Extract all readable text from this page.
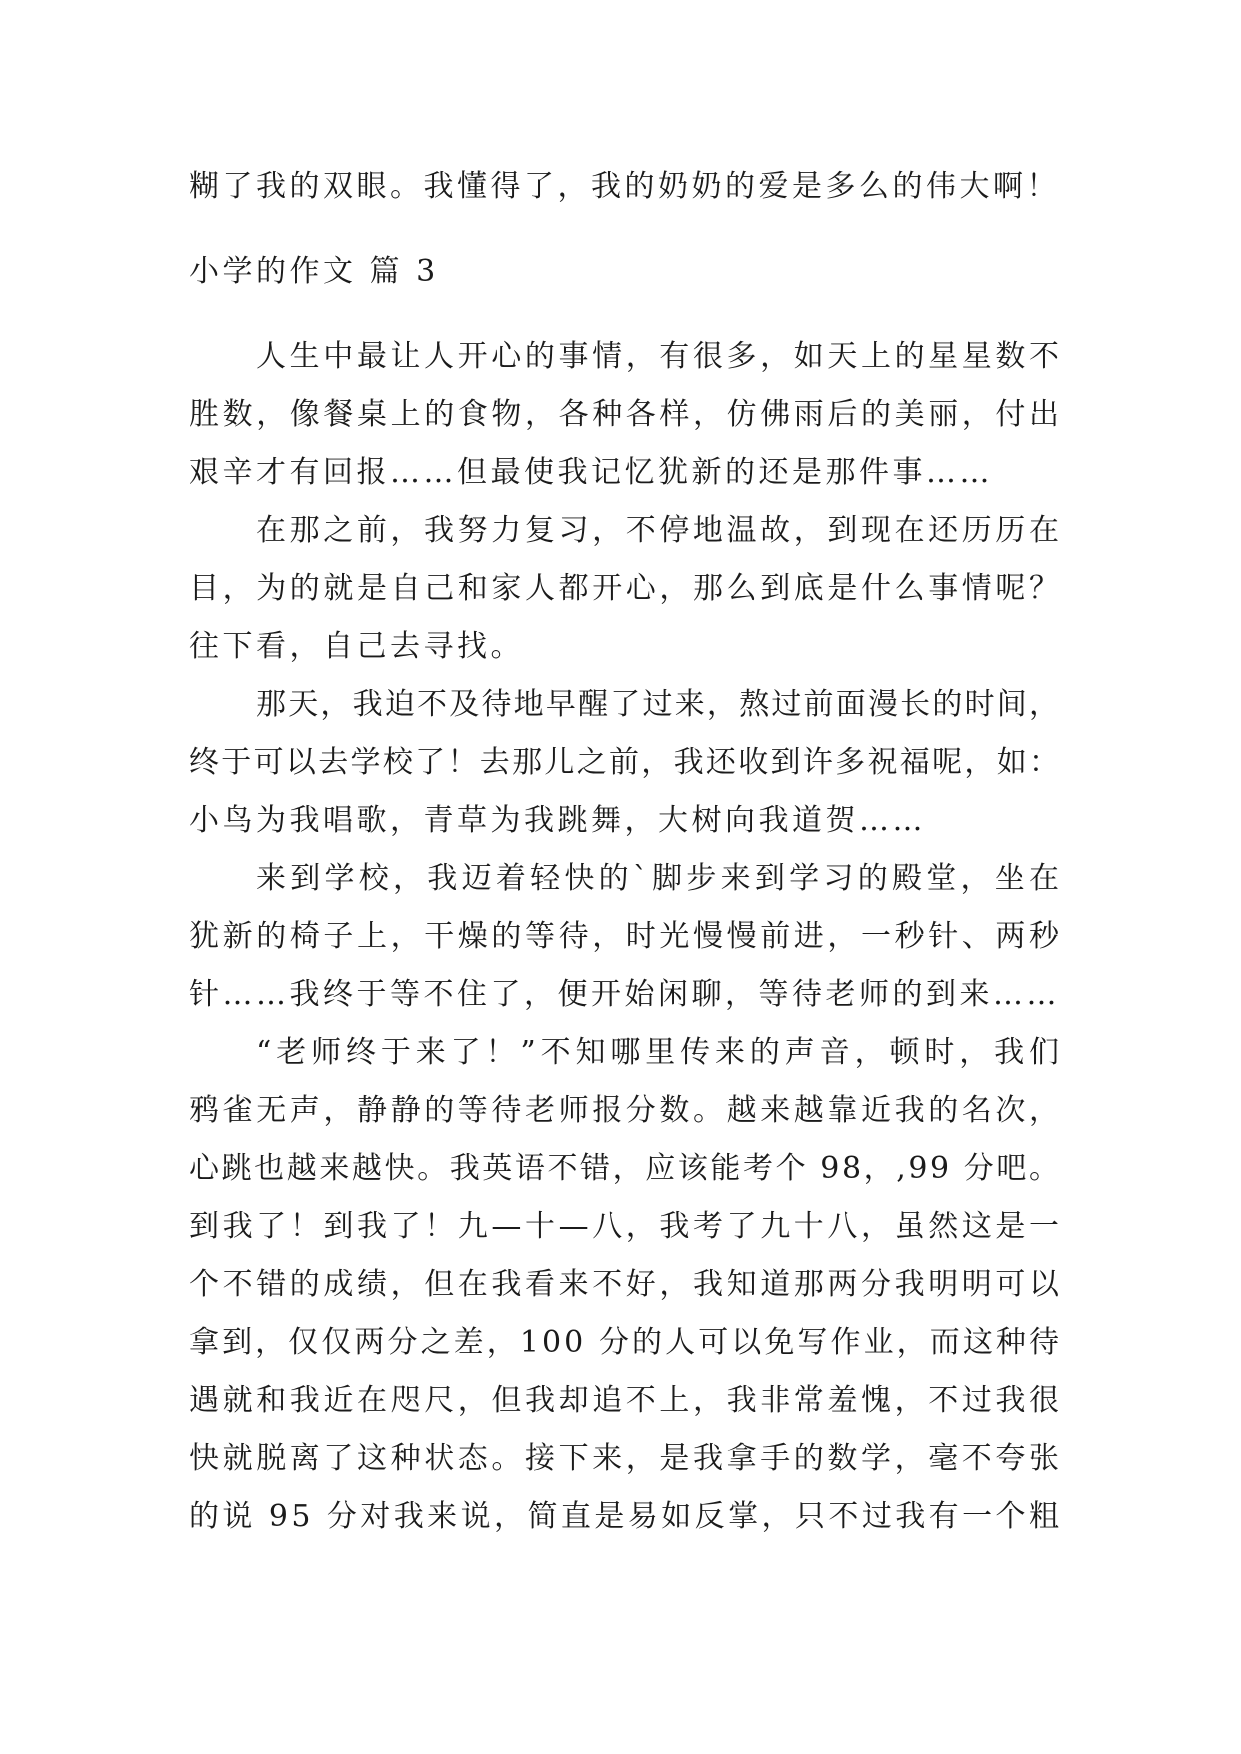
糊了我的双眼。我懂得了，我的奶奶的爱是多么的伟大啊！
小学的作文 篇 3
人生中最让人开心的事情，有很多，如天上的星星数不
胜数，像餐桌上的食物，各种各样，仿佛雨后的美丽，付出
艰辛才有回报……但最使我记忆犹新的还是那件事……
在那之前，我努力复习，不停地温故，到现在还历历在
目，为的就是自己和家人都开心，那么到底是什么事情呢？
往下看，自己去寻找。
那天，我迫不及待地早醒了过来，熬过前面漫长的时间，
终于可以去学校了！去那儿之前，我还收到许多祝福呢，如：
小鸟为我唱歌，青草为我跳舞，大树向我道贺……
来到学校，我迈着轻快的`脚步来到学习的殿堂，坐在
犹新的椅子上，干燥的等待，时光慢慢前进，一秒针、两秒
针……我终于等不住了，便开始闲聊，等待老师的到来……
“老师终于来了！”不知哪里传来的声音，顿时，我们
鸦雀无声，静静的等待老师报分数。越来越靠近我的名次，
心跳也越来越快。我英语不错，应该能考个 98，,99 分吧。
到我了！到我了！九—十—八，我考了九十八，虽然这是一
个不错的成绩，但在我看来不好，我知道那两分我明明可以
拿到，仅仅两分之差，100 分的人可以免写作业，而这种待
遇就和我近在咫尺，但我却追不上，我非常羞愧，不过我很
快就脱离了这种状态。接下来，是我拿手的数学，毫不夸张
的说 95 分对我来说，简直是易如反掌，只不过我有一个粗
